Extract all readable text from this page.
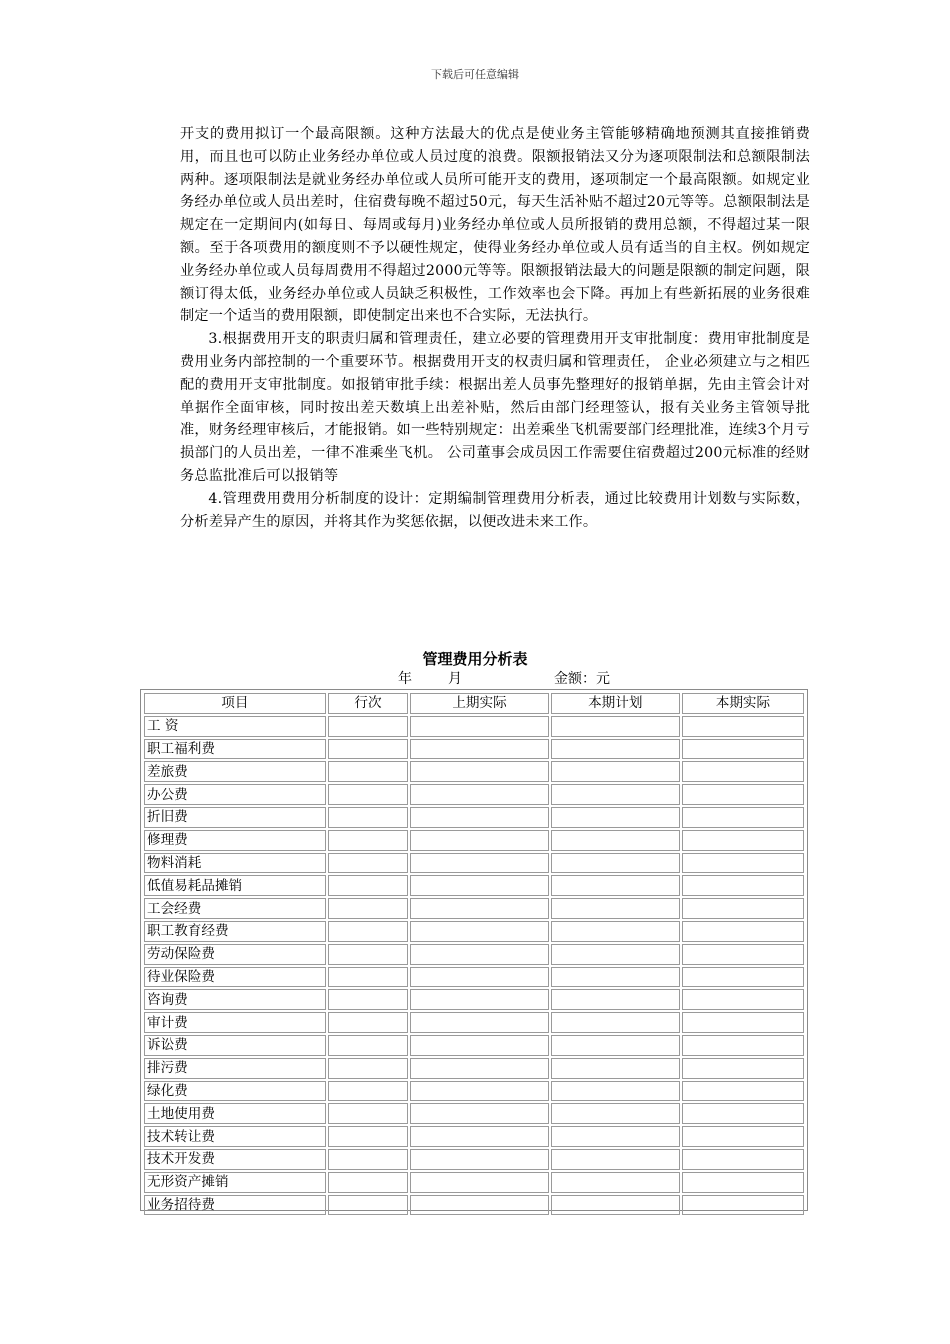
下载后可任意编辑

开支的费用拟订一个最高限额。这种方法最大的优点是使业务主管能够精确地预测其直接推销费用，而且也可以防止业务经办单位或人员过度的浪费。限额报销法又分为逐项限制法和总额限制法两种。逐项限制法是就业务经办单位或人员所可能开支的费用，逐项制定一个最高限额。如规定业务经办单位或人员出差时，住宿费每晚不超过50元，每天生活补贴不超过20元等等。总额限制法是规定在一定期间内(如每日、每周或每月)业务经办单位或人员所报销的费用总额，不得超过某一限额。至于各项费用的额度则不予以硬性规定，使得业务经办单位或人员有适当的自主权。例如规定业务经办单位或人员每周费用不得超过2000元等等。限额报销法最大的问题是限额的制定问题，限额订得太低，业务经办单位或人员缺乏积极性，工作效率也会下降。再加上有些新拓展的业务很难制定一个适当的费用限额，即使制定出来也不合实际，无法执行。

3.根据费用开支的职责归属和管理责任，建立必要的管理费用开支审批制度：费用审批制度是费用业务内部控制的一个重要环节。根据费用开支的权责归属和管理责任， 企业必须建立与之相匹配的费用开支审批制度。如报销审批手续：根据出差人员事先整理好的报销单据，先由主管会计对单据作全面审核，同时按出差天数填上出差补贴，然后由部门经理签认，报有关业务主管领导批准，财务经理审核后，才能报销。如一些特别规定：出差乘坐飞机需要部门经理批准，连续3个月亏损部门的人员出差，一律不准乘坐飞机。 公司董事会成员因工作需要住宿费超过200元标准的经财务总监批准后可以报销等

4.管理费用费用分析制度的设计：定期编制管理费用分析表，通过比较费用计划数与实际数，分析差异产生的原因，并将其作为奖惩依据，以便改进未来工作。

管理费用分析表
年	月	金额：元
项目	行次	上期实际	本期计划	本期实际
工 资				
职工福利费				
差旅费				
办公费				
折旧费				
修理费				
物料消耗				
低值易耗品摊销				
工会经费				
职工教育经费				
劳动保险费				
待业保险费				
咨询费				
审计费				
诉讼费				
排污费				
绿化费				
土地使用费				
技术转让费				
技术开发费				
无形资产摊销				
业务招待费				
